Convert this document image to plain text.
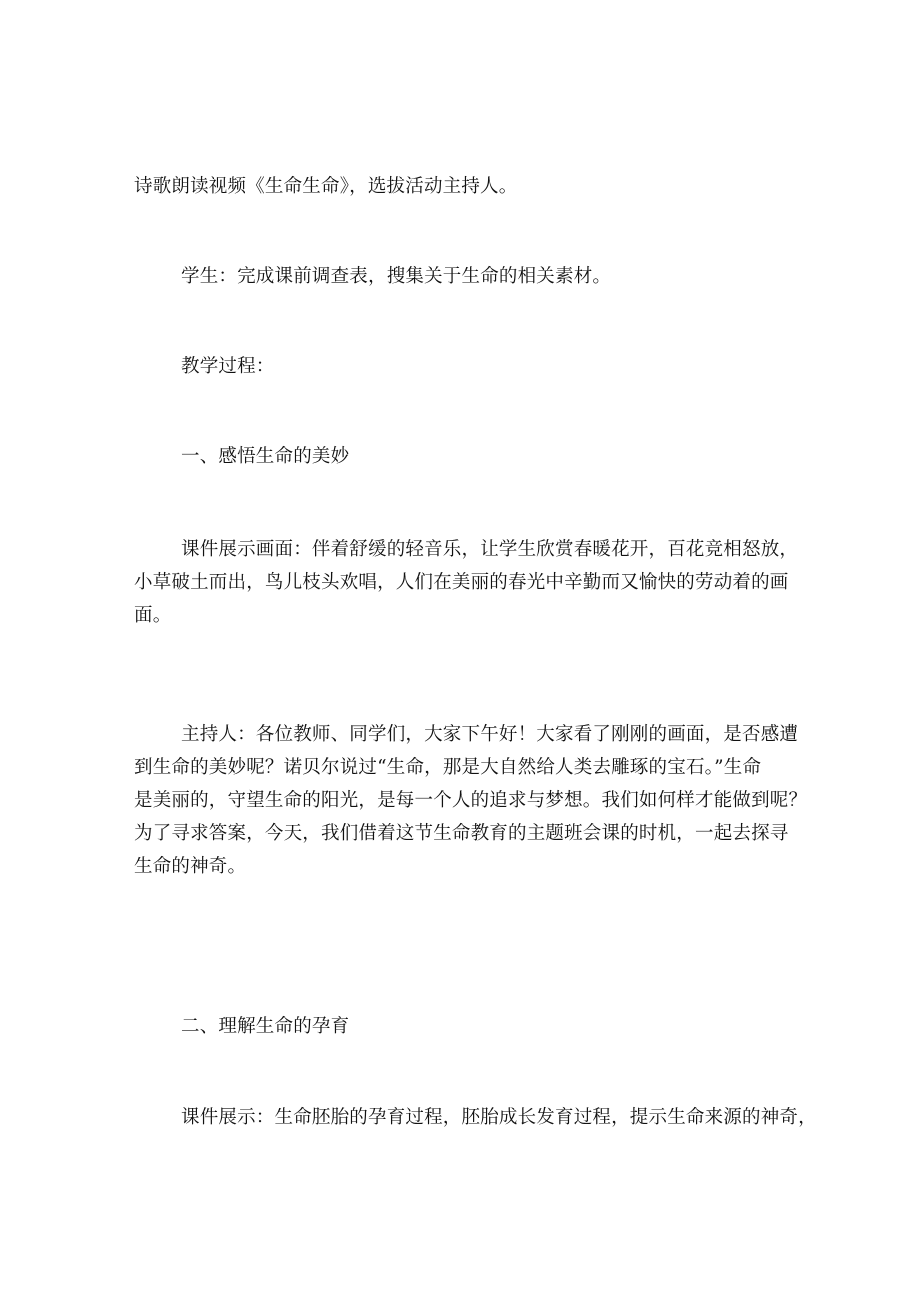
诗歌朗读视频《生命生命》，选拔活动主持人。

学生：完成课前调查表，搜集关于生命的相关素材。

教学过程：

一、感悟生命的美妙

课件展示画面：伴着舒缓的轻音乐，让学生欣赏春暖花开，百花竞相怒放，
小草破土而出，鸟儿枝头欢唱，人们在美丽的春光中辛勤而又愉快的劳动着的画
面。

主持人：各位教师、同学们，大家下午好！大家看了刚刚的画面，是否感遭
到生命的美妙呢？诺贝尔说过“生命，那是大自然给人类去雕琢的宝石。”生命
是美丽的，守望生命的阳光，是每一个人的追求与梦想。我们如何样才能做到呢？
为了寻求答案，今天，我们借着这节生命教育的主题班会课的时机，一起去探寻
生命的神奇。

二、理解生命的孕育

课件展示：生命胚胎的孕育过程，胚胎成长发育过程，提示生命来源的神奇，
